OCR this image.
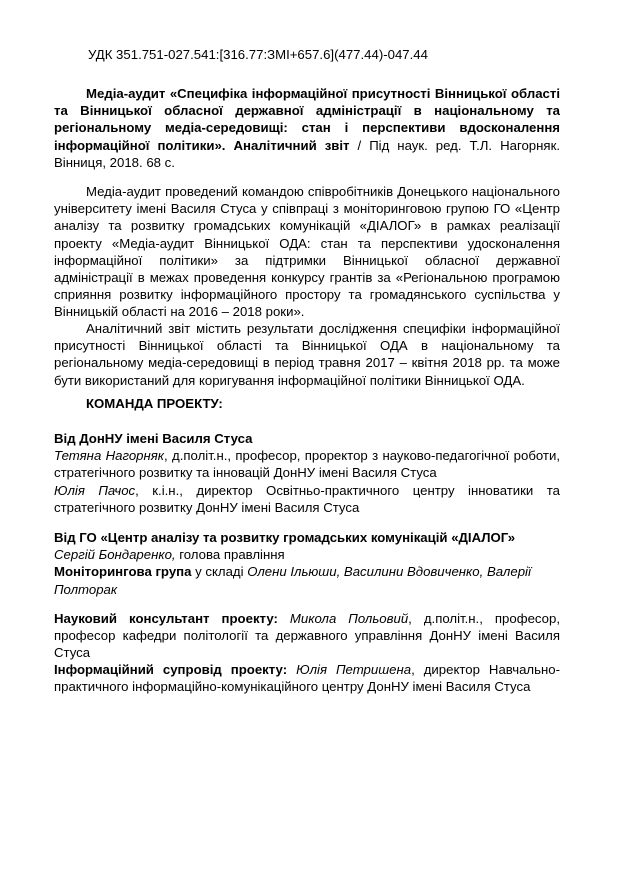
УДК 351.751-027.541:[316.77:ЗМІ+657.6](477.44)-047.44

Медіа-аудит «Специфіка інформаційної присутності Вінницької області та Вінницької обласної державної адміністрації в національному та регіональному медіа-середовищі: стан і перспективи вдосконалення інформаційної політики». Аналітичний звіт / Під наук. ред. Т.Л. Нагорняк. Вінниця, 2018. 68 с.

Медіа-аудит проведений командою співробітників Донецького національного університету імені Василя Стуса у співпраці з моніторинговою групою ГО «Центр аналізу та розвитку громадських комунікацій «ДІАЛОГ» в рамках реалізації проекту «Медіа-аудит Вінницької ОДА: стан та перспективи удосконалення інформаційної політики» за підтримки Вінницької обласної державної адміністрації в межах проведення конкурсу грантів за «Регіональною програмою сприяння розвитку інформаційного простору та громадянського суспільства у Вінницькій області на 2016 – 2018 роки».

Аналітичний звіт містить результати дослідження специфіки інформаційної присутності Вінницької області та Вінницької ОДА в національному та регіональному медіа-середовищі в період травня 2017 – квітня 2018 рр. та може бути використаний для коригування інформаційної політики Вінницької ОДА.

КОМАНДА ПРОЕКТУ:

Від ДонНУ імені Василя Стуса

Тетяна Нагорняк, д.політ.н., професор, проректор з науково-педагогічної роботи, стратегічного розвитку та інновацій ДонНУ імені Василя Стуса

Юлія Пачос, к.і.н., директор Освітньо-практичного центру інноватики та стратегічного розвитку ДонНУ імені Василя Стуса

Від ГО «Центр аналізу та розвитку громадських комунікацій «ДІАЛОГ»

Сергій Бондаренко, голова правління

Моніторингова група у складі Олени Ільюши, Василини Вдовиченко, Валерії Полторак

Науковий консультант проекту: Микола Польовий, д.політ.н., професор, професор кафедри політології та державного управління ДонНУ імені Василя Стуса

Інформаційний супровід проекту: Юлія Петришена, директор Навчально-практичного інформаційно-комунікаційного центру ДонНУ імені Василя Стуса
